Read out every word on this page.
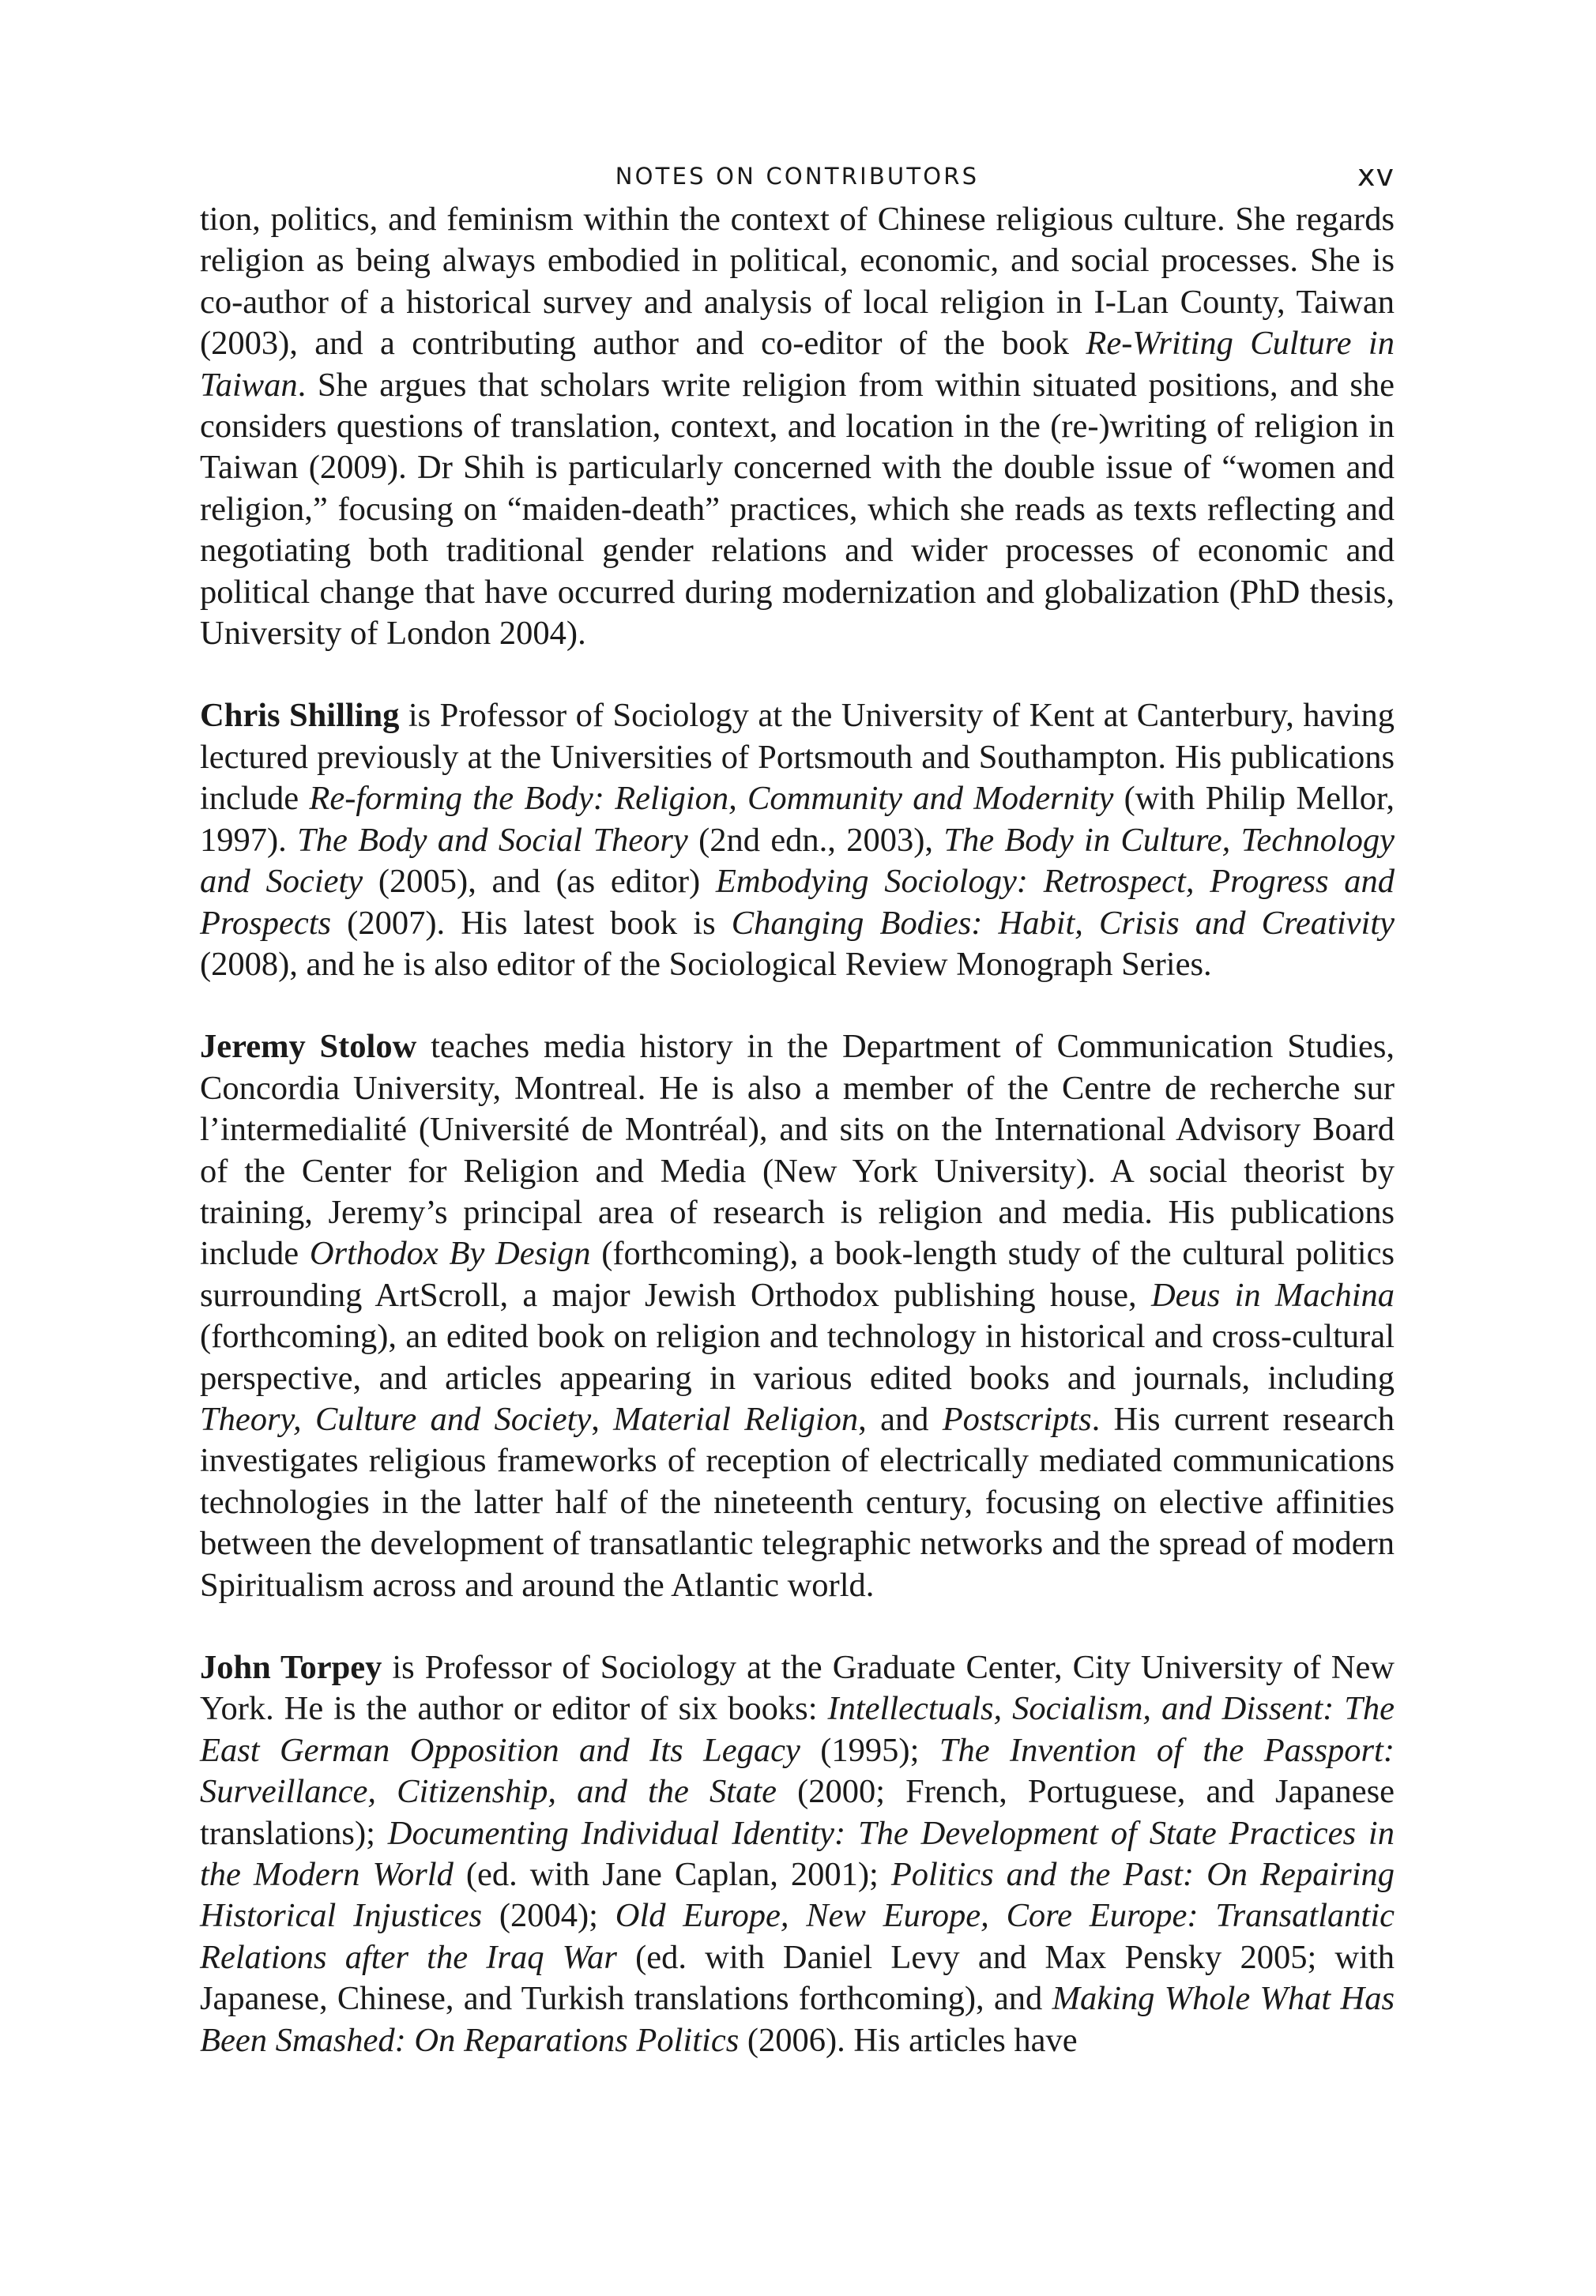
NOTES ON CONTRIBUTORS	xv

tion, politics, and feminism within the context of Chinese religious culture. She regards religion as being always embodied in political, economic, and social processes. She is co-author of a historical survey and analysis of local religion in I-Lan County, Taiwan (2003), and a contributing author and co-editor of the book Re-Writing Culture in Taiwan. She argues that scholars write religion from within situated positions, and she considers questions of translation, context, and location in the (re-)writing of religion in Taiwan (2009). Dr Shih is particularly concerned with the double issue of “women and religion,” focusing on “maiden-death” practices, which she reads as texts reflecting and negotiating both traditional gender relations and wider processes of economic and political change that have occurred during modernization and globalization (PhD thesis, University of London 2004).

Chris Shilling is Professor of Sociology at the University of Kent at Canterbury, having lectured previously at the Universities of Portsmouth and Southampton. His publications include Re-forming the Body: Religion, Community and Modernity (with Philip Mellor, 1997). The Body and Social Theory (2nd edn., 2003), The Body in Culture, Technology and Society (2005), and (as editor) Embodying Sociology: Retrospect, Progress and Prospects (2007). His latest book is Changing Bodies: Habit, Crisis and Creativity (2008), and he is also editor of the Sociological Review Monograph Series.

Jeremy Stolow teaches media history in the Department of Communication Studies, Concordia University, Montreal. He is also a member of the Centre de recherche sur l’intermedialité (Université de Montréal), and sits on the International Advisory Board of the Center for Religion and Media (New York University). A social theorist by training, Jeremy’s principal area of research is religion and media. His publications include Orthodox By Design (forthcoming), a book-length study of the cultural politics surrounding ArtScroll, a major Jewish Orthodox publishing house, Deus in Machina (forthcoming), an edited book on religion and technology in historical and cross-cultural perspective, and articles appearing in various edited books and journals, including Theory, Culture and Society, Material Religion, and Postscripts. His current research investigates religious frameworks of reception of electrically mediated communications technologies in the latter half of the nineteenth century, focusing on elective affinities between the development of transatlantic telegraphic networks and the spread of modern Spiritualism across and around the Atlantic world.

John Torpey is Professor of Sociology at the Graduate Center, City University of New York. He is the author or editor of six books: Intellectuals, Socialism, and Dissent: The East German Opposition and Its Legacy (1995); The Invention of the Passport: Surveillance, Citizenship, and the State (2000; French, Portuguese, and Japanese translations); Documenting Individual Identity: The Development of State Practices in the Modern World (ed. with Jane Caplan, 2001); Politics and the Past: On Repairing Historical Injustices (2004); Old Europe, New Europe, Core Europe: Transatlantic Relations after the Iraq War (ed. with Daniel Levy and Max Pensky 2005; with Japanese, Chinese, and Turkish translations forthcoming), and Making Whole What Has Been Smashed: On Reparations Politics (2006). His articles have
